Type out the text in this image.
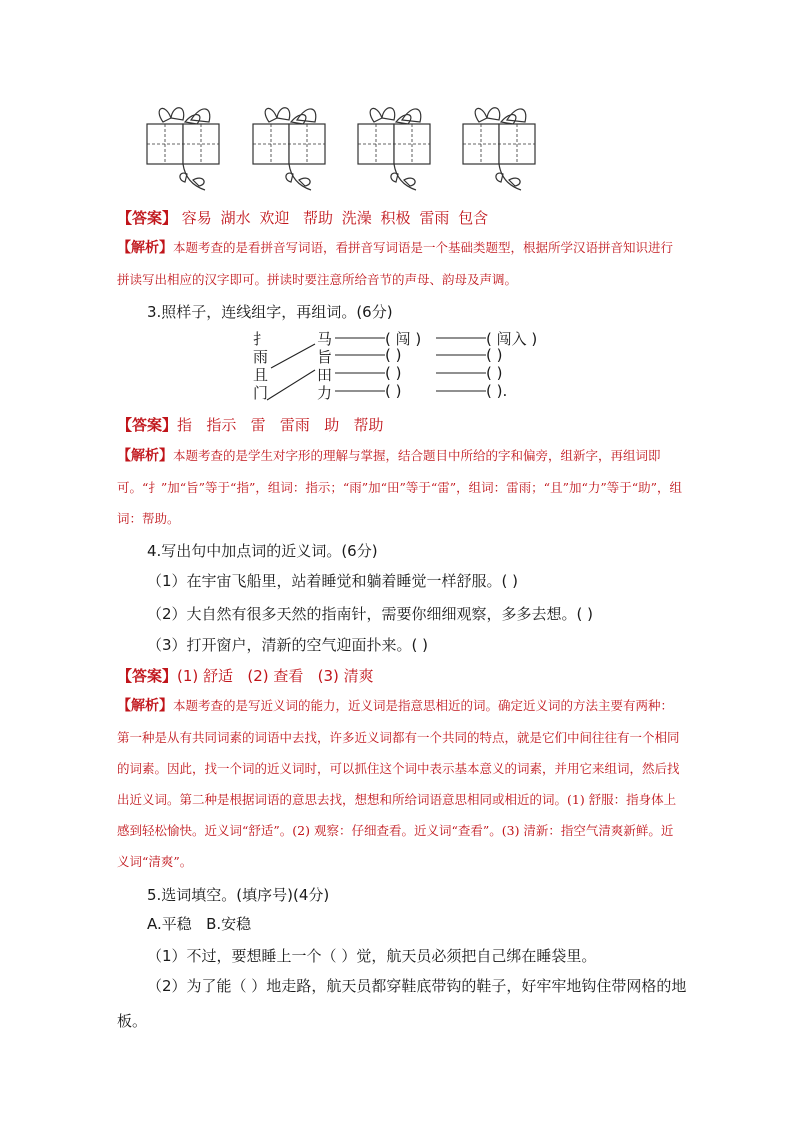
【答案】 容易 湖水 欢迎 帮助 洗澡 积极 雷雨 包含
【解析】本题考查的是看拼音写词语，看拼音写词语是一个基础类题型，根据所学汉语拼音知识进行拼读写出相应的汉字即可。拼读时要注意所给音节的声母、韵母及声调。
3.照样子，连线组字，再组词。(6分)
扌
雨
且
门
马
旨
田
力
( 闯 )
( )
( )
( )
( 闯入 )
( )
( )
( ).
【答案】指   指示   雷   雷雨   助   帮助
【解析】本题考查的是学生对字形的理解与掌握，结合题目中所给的字和偏旁，组新字，再组词即可。“扌”加“旨”等于“指”，组词：指示；“雨”加“田”等于“雷”，组词：雷雨；“且”加“力”等于“助”，组词：帮助。
4.写出句中加点词的近义词。(6分)
（1）在宇宙飞船里，站着睡觉和躺着睡觉一样舒服。( )
（2）大自然有很多天然的指南针，需要你细细观察，多多去想。( )
（3）打开窗户，清新的空气迎面扑来。( )
【答案】(1) 舒适   (2) 查看   (3) 清爽
【解析】本题考查的是写近义词的能力，近义词是指意思相近的词。确定近义词的方法主要有两种：第一种是从有共同词素的词语中去找，许多近义词都有一个共同的特点，就是它们中间往往有一个相同的词素。因此，找一个词的近义词时，可以抓住这个词中表示基本意义的词素，并用它来组词，然后找出近义词。第二种是根据词语的意思去找，想想和所给词语意思相同或相近的词。(1) 舒服：指身体上感到轻松愉快。近义词“舒适”。(2) 观察：仔细查看。近义词“查看”。(3) 清新：指空气清爽新鲜。近义词“清爽”。
5.选词填空。(填序号)(4分)
A.平稳   B.安稳
（1）不过，要想睡上一个（ ）觉，航天员必须把自己绑在睡袋里。
（2）为了能（ ）地走路，航天员都穿鞋底带钩的鞋子，好牢牢地钩住带网格的地板。
